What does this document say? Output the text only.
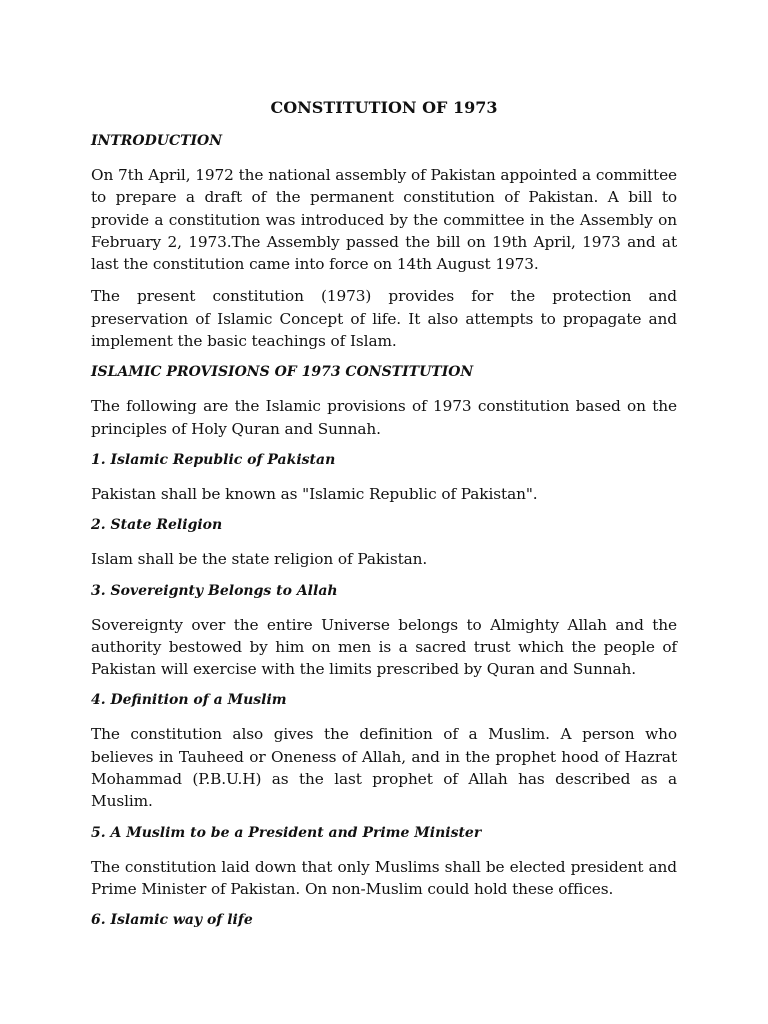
CONSTITUTION OF 1973
INTRODUCTION

On 7th April, 1972 the national assembly of Pakistan appointed a committee to prepare a draft of the permanent constitution of Pakistan. A bill to provide a constitution was introduced by the committee in the Assembly on February 2, 1973.The Assembly passed the bill on 19th April, 1973 and at last the constitution came into force on 14th August 1973.

The present constitution (1973) provides for the protection and preservation of Islamic Concept of life. It also attempts to propagate and implement the basic teachings of Islam.

ISLAMIC PROVISIONS OF 1973 CONSTITUTION

The following are the Islamic provisions of 1973 constitution based on the principles of Holy Quran and Sunnah.

1. Islamic Republic of Pakistan

Pakistan shall be known as "Islamic Republic of Pakistan".

2. State Religion

Islam shall be the state religion of Pakistan.

3. Sovereignty Belongs to Allah

Sovereignty over the entire Universe belongs to Almighty Allah and the authority bestowed by him on men is a sacred trust which the people of Pakistan will exercise with the limits prescribed by Quran and Sunnah.

4. Definition of a Muslim

The constitution also gives the definition of a Muslim. A person who believes in Tauheed or Oneness of Allah, and in the prophet hood of Hazrat Mohammad (P.B.U.H) as the last prophet of Allah has described as a Muslim.

5. A Muslim to be a President and Prime Minister

The constitution laid down that only Muslims shall be elected president and Prime Minister of Pakistan. On non-Muslim could hold these offices.

6. Islamic way of life
